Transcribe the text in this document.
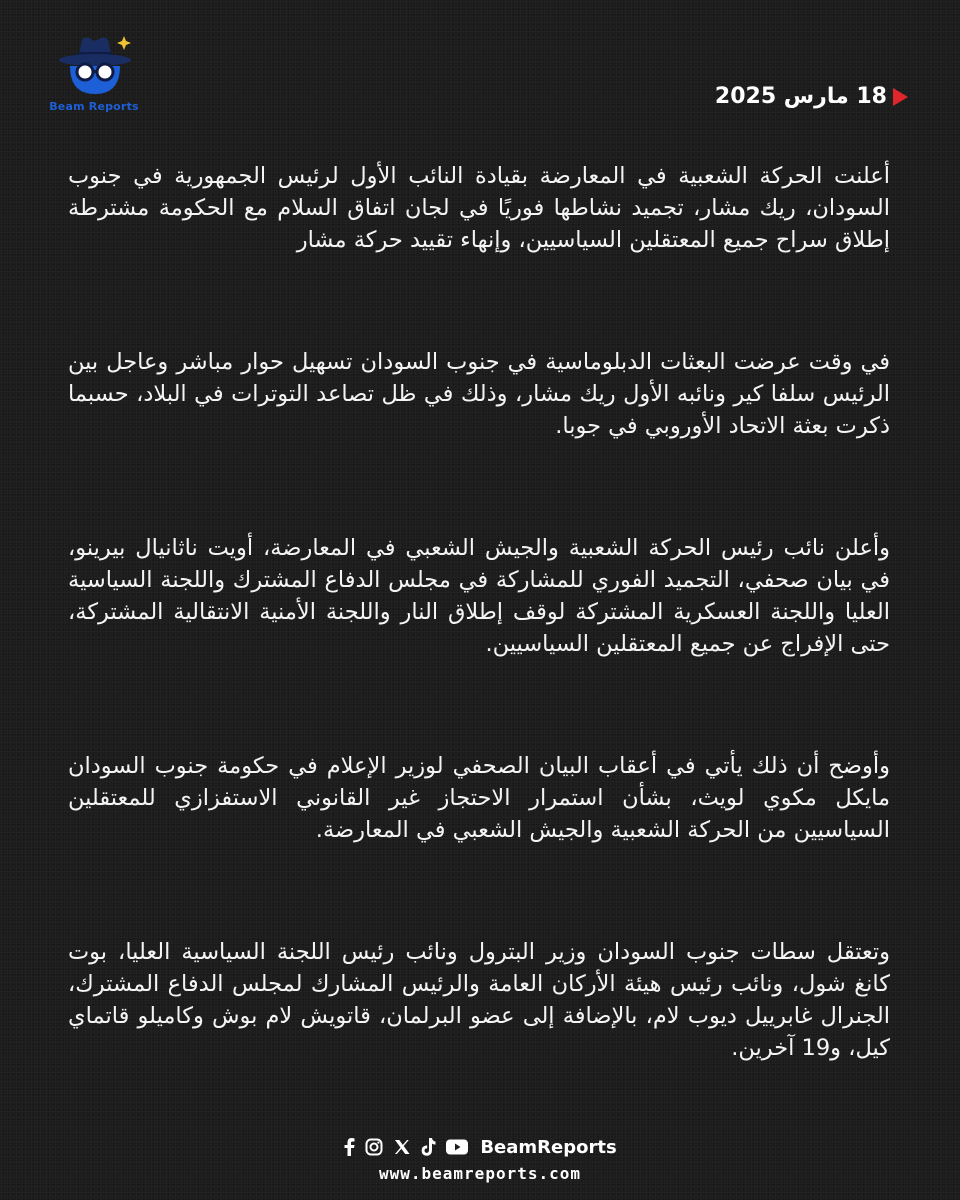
Beam Reports	18 مارس 2025

أعلنت الحركة الشعبية في المعارضة بقيادة النائب الأول لرئيس الجمهورية في جنوب السودان، ريك مشار، تجميد نشاطها فوريًا في لجان اتفاق السلام مع الحكومة مشترطة إطلاق سراح جميع المعتقلين السياسيين، وإنهاء تقييد حركة مشار

في وقت عرضت البعثات الدبلوماسية في جنوب السودان تسهيل حوار مباشر وعاجل بين الرئيس سلفا كير ونائبه الأول ريك مشار، وذلك في ظل تصاعد التوترات في البلاد، حسبما ذكرت بعثة الاتحاد الأوروبي في جوبا.

وأعلن نائب رئيس الحركة الشعبية والجيش الشعبي في المعارضة، أويت ناثانيال بيرينو، في بيان صحفي، التجميد الفوري للمشاركة في مجلس الدفاع المشترك واللجنة السياسية العليا واللجنة العسكرية المشتركة لوقف إطلاق النار واللجنة الأمنية الانتقالية المشتركة، حتى الإفراج عن جميع المعتقلين السياسيين.

وأوضح أن ذلك يأتي في أعقاب البيان الصحفي لوزير الإعلام في حكومة جنوب السودان مايكل مكوي لويث، بشأن استمرار الاحتجاز غير القانوني الاستفزازي للمعتقلين السياسيين من الحركة الشعبية والجيش الشعبي في المعارضة.

وتعتقل سطات جنوب السودان وزير البترول ونائب رئيس اللجنة السياسية العليا، بوت كانغ شول، ونائب رئيس هيئة الأركان العامة والرئيس المشارك لمجلس الدفاع المشترك، الجنرال غابرييل ديوب لام، بالإضافة إلى عضو البرلمان، قاتويش لام بوش وكاميلو قاتماي كيل، و19 آخرين.

BeamReports
www.beamreports.com
